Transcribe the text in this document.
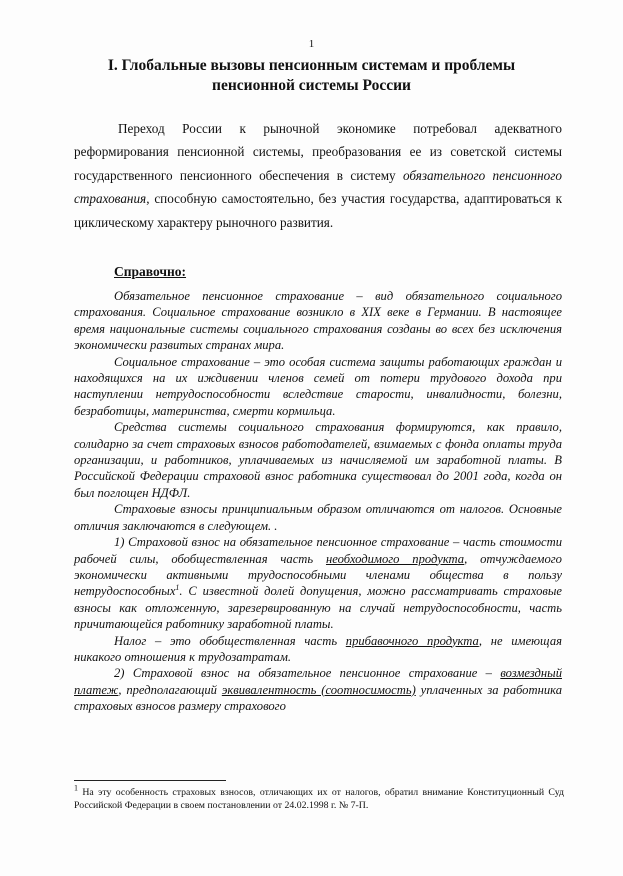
1
I. Глобальные вызовы пенсионным системам и проблемы пенсионной системы России
Переход России к рыночной экономике потребовал адекватного реформирования пенсионной системы, преобразования ее из советской системы государственного пенсионного обеспечения в систему обязательного пенсионного страхования, способную самостоятельно, без участия государства, адаптироваться к циклическому характеру рыночного развития.
Справочно:

Обязательное пенсионное страхование – вид обязательного социального страхования. Социальное страхование возникло в XIX веке в Германии. В настоящее время национальные системы социального страхования созданы во всех без исключения экономически развитых странах мира.

Социальное страхование – это особая система защиты работающих граждан и находящихся на их иждивении членов семей от потери трудового дохода при наступлении нетрудоспособности вследствие старости, инвалидности, болезни, безработицы, материнства, смерти кормильца.

Средства системы социального страхования формируются, как правило, солидарно за счет страховых взносов работодателей, взимаемых с фонда оплаты труда организации, и работников, уплачиваемых из начисляемой им заработной платы. В Российской Федерации страховой взнос работника существовал до 2001 года, когда он был поглощен НДФЛ.

Страховые взносы принципиальным образом отличаются от налогов. Основные отличия заключаются в следующем. .

1) Страховой взнос на обязательное пенсионное страхование – часть стоимости рабочей силы, обобществленная часть необходимого продукта, отчуждаемого экономически активными трудоспособными членами общества в пользу нетрудоспособных$^1$. С известной долей допущения, можно рассматривать страховые взносы как отложенную, зарезервированную на случай нетрудоспособности, часть причитающейся работнику заработной платы.

Налог – это обобществленная часть прибавочного продукта, не имеющая никакого отношения к трудозатратам.

2) Страховой взнос на обязательное пенсионное страхование – возмездный платеж, предполагающий эквивалентность (соотносимость) уплаченных за работника страховых взносов размеру страхового

$^1$ На эту особенность страховых взносов, отличающих их от налогов, обратил внимание Конституционный Суд Российской Федерации в своем постановлении от 24.02.1998 г. № 7-П.
